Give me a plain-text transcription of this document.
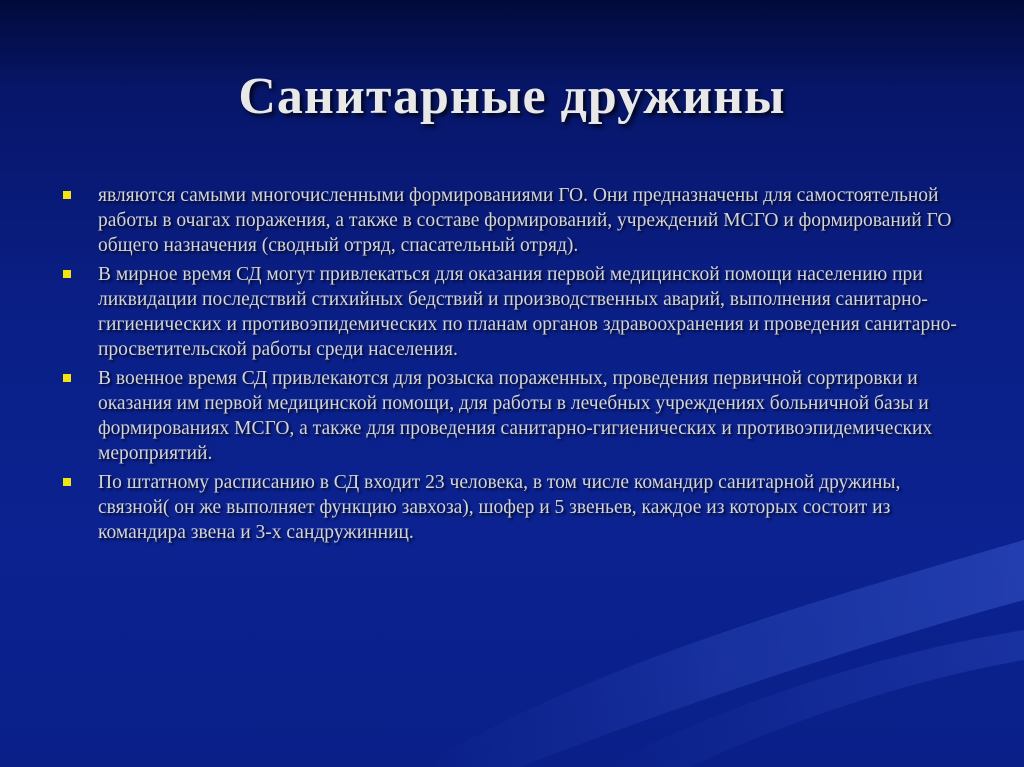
Санитарные дружины
являются самыми многочисленными формированиями ГО. Они предназначены для самостоятельной работы в очагах поражения, а также в составе формирований, учреждений МСГО и формирований ГО общего назначения (сводный отряд, спасательный отряд).
В мирное время СД могут привлекаться для оказания первой медицинской помощи населению при ликвидации последствий стихийных бедствий и производственных аварий, выполнения санитарно-гигиенических и противоэпидемических по планам органов здравоохранения и проведения санитарно-просветительской работы среди населения.
В военное время СД привлекаются для розыска пораженных, проведения первичной сортировки и оказания им первой медицинской помощи, для работы в лечебных учреждениях больничной базы и формированиях МСГО, а также для проведения санитарно-гигиенических и противоэпидемических мероприятий.
По штатному расписанию в СД входит 23 человека, в том числе командир санитарной дружины, связной( он же выполняет функцию завхоза), шофер и 5 звеньев, каждое из которых состоит из командира звена и 3-х сандружинниц.
